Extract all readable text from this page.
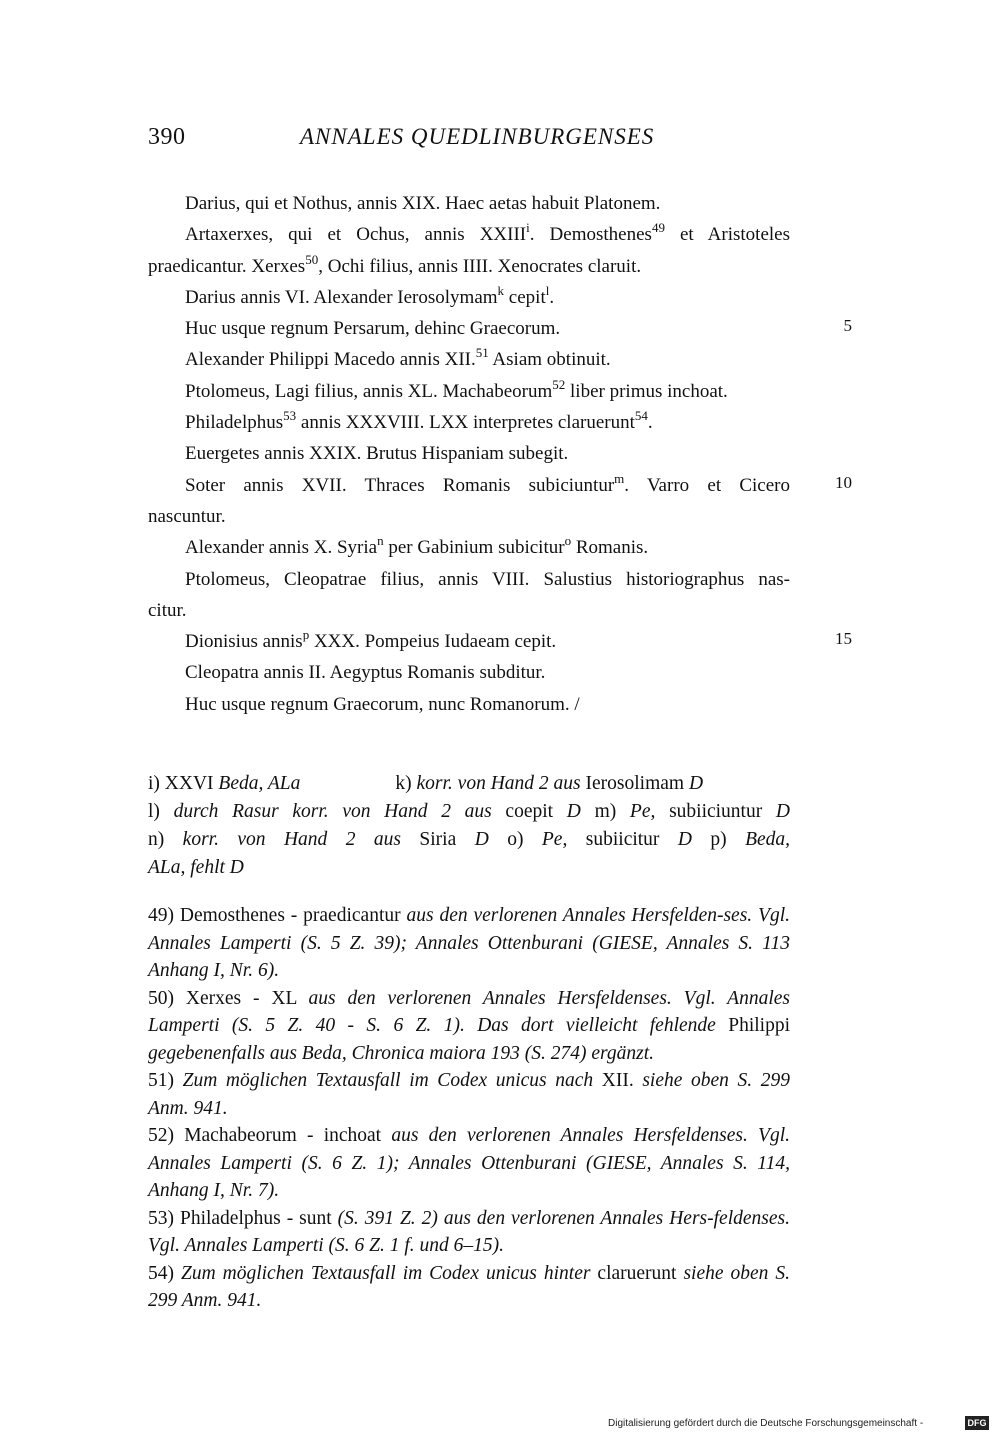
390	ANNALES QUEDLINBURGENSES

Darius, qui et Nothus, annis XIX. Haec aetas habuit Platonem.

Artaxerxes, qui et Ochus, annis XXIII$^i$. Demosthenes$^{49}$ et Aristoteles

praedicantur. Xerxes$^{50}$, Ochi filius, annis IIII. Xenocrates claruit.

Darius annis VI. Alexander Ierosolymam$^k$ cepit$^l$.

Huc usque regnum Persarum, dehinc Graecorum.

Alexander Philippi Macedo annis XII.$^{51}$ Asiam obtinuit.

Ptolomeus, Lagi filius, annis XL. Machabeorum$^{52}$ liber primus inchoat.

Philadelphus$^{53}$ annis XXXVIII. LXX interpretes claruerunt$^{54}$.

Euergetes annis XXIX. Brutus Hispaniam subegit.

Soter annis XVII. Thraces Romanis subiciuntur$^m$. Varro et Cicero

nascuntur.

Alexander annis X. Syria$^n$ per Gabinium subicitur$^o$ Romanis.

Ptolomeus, Cleopatrae filius, annis VIII. Salustius historiographus nas-

citur.

Dionisius annis$^p$ XXX. Pompeius Iudaeam cepit.

Cleopatra annis II. Aegyptus Romanis subditur.

Huc usque regnum Graecorum, nunc Romanorum. /

5
10
15

i) XXVI Beda, ALa	k) korr. von Hand 2 aus Ierosolimam D

l) durch Rasur korr. von Hand 2 aus coepit D m) Pe, subiiciuntur D

n) korr. von Hand 2 aus Siria D o) Pe, subiicitur D p) Beda,

ALa, fehlt D

49) Demosthenes - praedicantur aus den verlorenen Annales Hersfelden-ses. Vgl. Annales Lamperti (S. 5 Z. 39); Annales Ottenburani (GIESE, Annales S. 113 Anhang I, Nr. 6).

50) Xerxes - XL aus den verlorenen Annales Hersfeldenses. Vgl. Annales Lamperti (S. 5 Z. 40 - S. 6 Z. 1). Das dort vielleicht fehlende Philippi gegebenenfalls aus Beda, Chronica maiora 193 (S. 274) ergänzt.

51) Zum möglichen Textausfall im Codex unicus nach XII. siehe oben S. 299 Anm. 941.

52) Machabeorum - inchoat aus den verlorenen Annales Hersfeldenses. Vgl. Annales Lamperti (S. 6 Z. 1); Annales Ottenburani (GIESE, Annales S. 114, Anhang I, Nr. 7).

53) Philadelphus - sunt (S. 391 Z. 2) aus den verlorenen Annales Hers-feldenses. Vgl. Annales Lamperti (S. 6 Z. 1 f. und 6–15).

54) Zum möglichen Textausfall im Codex unicus hinter claruerunt siehe oben S. 299 Anm. 941.

Digitalisierung gefördert durch die Deutsche Forschungsgemeinschaft -	DFG
